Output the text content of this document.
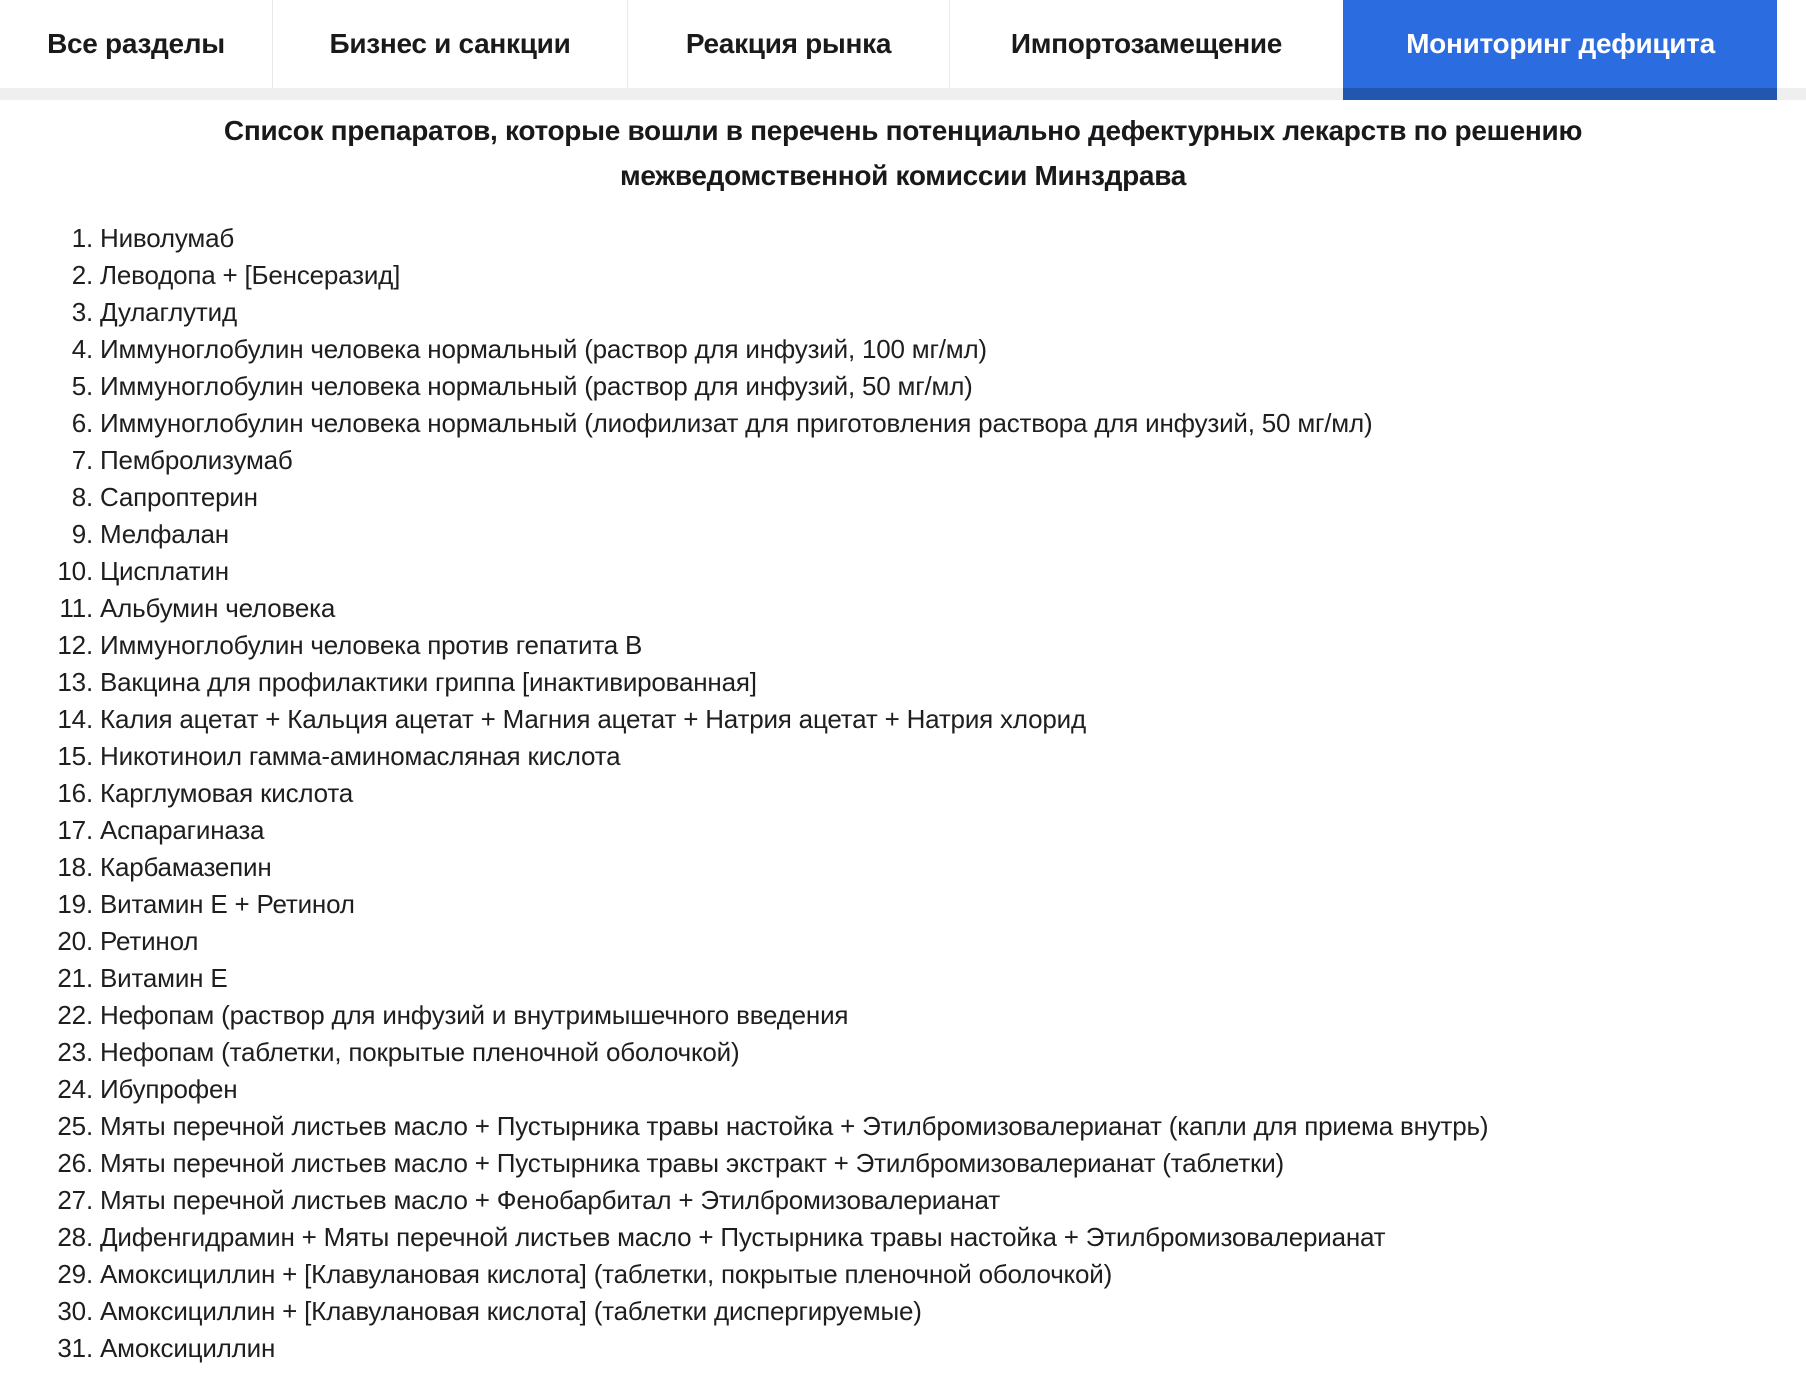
Все разделы	Бизнес и санкции	Реакция рынка	Импортозамещение	Мониторинг дефицита
Список препаратов, которые вошли в перечень потенциально дефектурных лекарств по решению межведомственной комиссии Минздрава
1. Ниволумаб
2. Леводопа + [Бенсеразид]
3. Дулаглутид
4. Иммуноглобулин человека нормальный (раствор для инфузий, 100 мг/мл)
5. Иммуноглобулин человека нормальный (раствор для инфузий, 50 мг/мл)
6. Иммуноглобулин человека нормальный (лиофилизат для приготовления раствора для инфузий, 50 мг/мл)
7. Пембролизумаб
8. Сапроптерин
9. Мелфалан
10. Цисплатин
11. Альбумин человека
12. Иммуноглобулин человека против гепатита В
13. Вакцина для профилактики гриппа [инактивированная]
14. Калия ацетат + Кальция ацетат + Магния ацетат + Натрия ацетат + Натрия хлорид
15. Никотиноил гамма-аминомасляная кислота
16. Карглумовая кислота
17. Аспарагиназа
18. Карбамазепин
19. Витамин Е + Ретинол
20. Ретинол
21. Витамин Е
22. Нефопам (раствор для инфузий и внутримышечного введения
23. Нефопам (таблетки, покрытые пленочной оболочкой)
24. Ибупрофен
25. Мяты перечной листьев масло + Пустырника травы настойка + Этилбромизовалерианат (капли для приема внутрь)
26. Мяты перечной листьев масло + Пустырника травы экстракт + Этилбромизовалерианат (таблетки)
27. Мяты перечной листьев масло + Фенобарбитал + Этилбромизовалерианат
28. Дифенгидрамин + Мяты перечной листьев масло + Пустырника травы настойка + Этилбромизовалерианат
29. Амоксициллин + [Клавулановая кислота] (таблетки, покрытые пленочной оболочкой)
30. Амоксициллин + [Клавулановая кислота] (таблетки диспергируемые)
31. Амоксициллин
